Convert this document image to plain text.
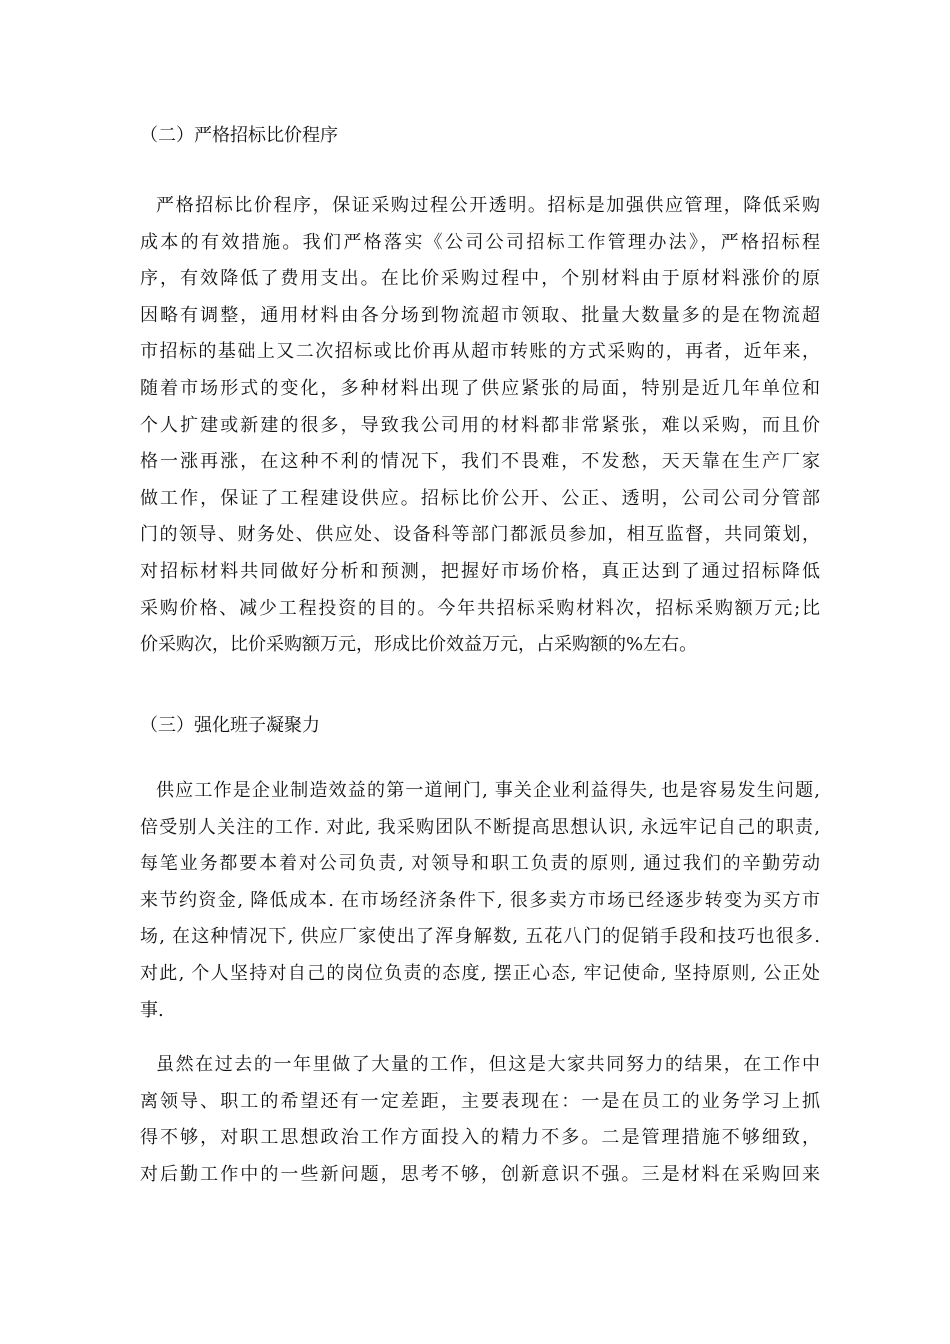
（二）严格招标比价程序
严格招标比价程序，保证采购过程公开透明。招标是加强供应管理，降低采购
成本的有效措施。我们严格落实《公司公司招标工作管理办法》，严格招标程
序，有效降低了费用支出。在比价采购过程中，个别材料由于原材料涨价的原
因略有调整，通用材料由各分场到物流超市领取、批量大数量多的是在物流超
市招标的基础上又二次招标或比价再从超市转账的方式采购的，再者，近年来，
随着市场形式的变化，多种材料出现了供应紧张的局面，特别是近几年单位和
个人扩建或新建的很多，导致我公司用的材料都非常紧张，难以采购，而且价
格一涨再涨，在这种不利的情况下，我们不畏难，不发愁，天天靠在生产厂家
做工作，保证了工程建设供应。招标比价公开、公正、透明，公司公司分管部
门的领导、财务处、供应处、设备科等部门都派员参加，相互监督，共同策划，
对招标材料共同做好分析和预测，把握好市场价格，真正达到了通过招标降低
采购价格、减少工程投资的目的。今年共招标采购材料次，招标采购额万元;比
价采购次，比价采购额万元，形成比价效益万元，占采购额的%左右。
（三）强化班子凝聚力
供应工作是企业制造效益的第一道闸门, 事关企业利益得失, 也是容易发生问题,
倍受别人关注的工作. 对此, 我采购团队不断提高思想认识, 永远牢记自己的职责,
每笔业务都要本着对公司负责, 对领导和职工负责的原则, 通过我们的辛勤劳动
来节约资金, 降低成本. 在市场经济条件下, 很多卖方市场已经逐步转变为买方市
场, 在这种情况下, 供应厂家使出了浑身解数, 五花八门的促销手段和技巧也很多.
对此, 个人坚持对自己的岗位负责的态度, 摆正心态, 牢记使命, 坚持原则, 公正处
事.
虽然在过去的一年里做了大量的工作，但这是大家共同努力的结果，在工作中
离领导、职工的希望还有一定差距，主要表现在：一是在员工的业务学习上抓
得不够，对职工思想政治工作方面投入的精力不多。二是管理措施不够细致，
对后勤工作中的一些新问题，思考不够，创新意识不强。三是材料在采购回来
